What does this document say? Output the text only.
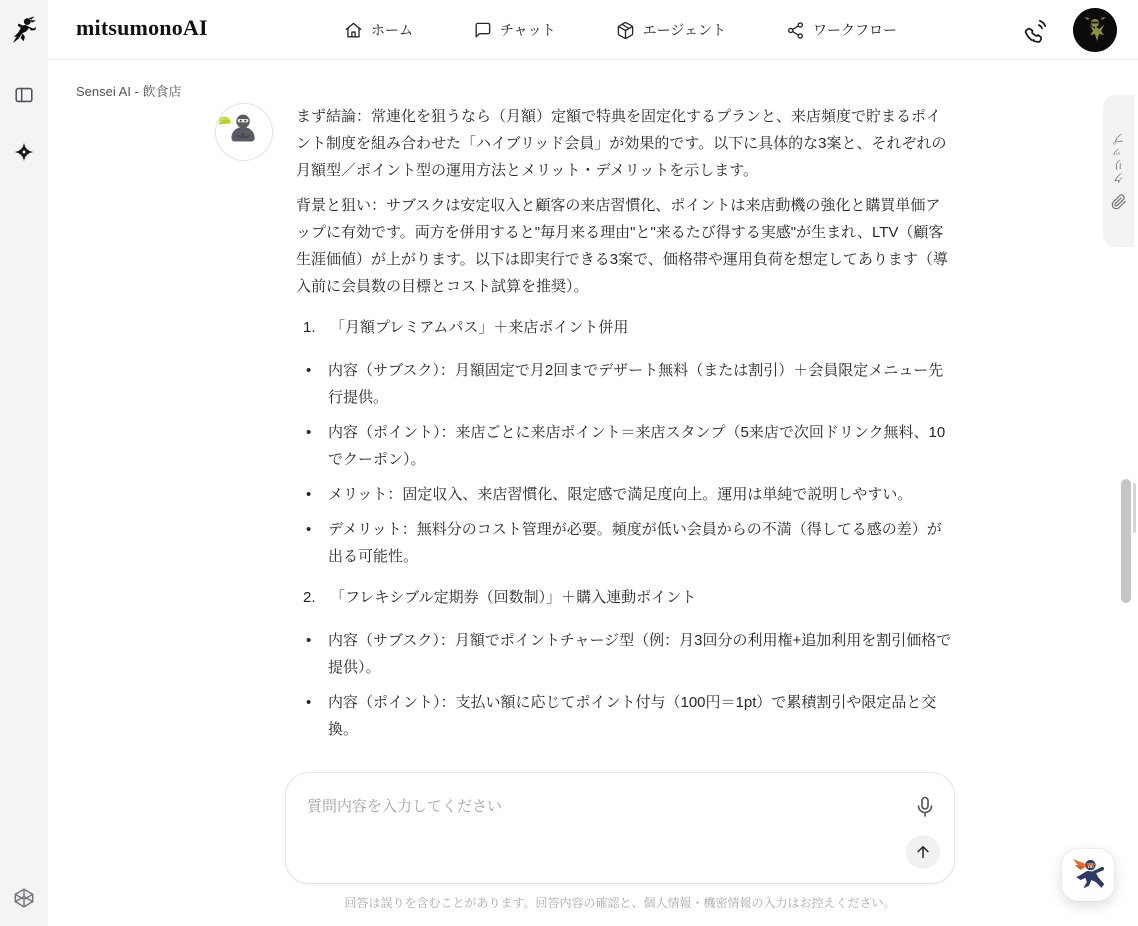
mitsumonoAI	ホーム	チャット	エージェント	ワークフロー
Sensei AI - 飲食店

まず結論：常連化を狙うなら（月額）定額で特典を固定化するプランと、来店頻度で貯まるポイント制度を組み合わせた「ハイブリッド会員」が効果的です。以下に具体的な3案と、それぞれの月額型／ポイント型の運用方法とメリット・デメリットを示します。

背景と狙い：サブスクは安定収入と顧客の来店習慣化、ポイントは来店動機の強化と購買単価アップに有効です。両方を併用すると"毎月来る理由"と"来るたび得する実感"が生まれ、LTV（顧客生涯価値）が上がります。以下は即実行できる3案で、価格帯や運用負荷を想定してあります（導入前に会員数の目標とコスト試算を推奨）。

1. 「月額プレミアムパス」＋来店ポイント併用
• 内容（サブスク）：月額固定で月2回までデザート無料（または割引）＋会員限定メニュー先行提供。
• 内容（ポイント）：来店ごとに来店ポイント＝来店スタンプ（5来店で次回ドリンク無料、10でクーポン）。
• メリット：固定収入、来店習慣化、限定感で満足度向上。運用は単純で説明しやすい。
• デメリット：無料分のコスト管理が必要。頻度が低い会員からの不満（得してる感の差）が出る可能性。
2. 「フレキシブル定期券（回数制）」＋購入連動ポイント
• 内容（サブスク）：月額でポイントチャージ型（例：月3回分の利用権+追加利用を割引価格で提供）。
• 内容（ポイント）：支払い額に応じてポイント付与（100円＝1pt）で累積割引や限定品と交換。
クリップ
質問内容を入力してください
回答は誤りを含むことがあります。回答内容の確認と、個人情報・機密情報の入力はお控えください。
